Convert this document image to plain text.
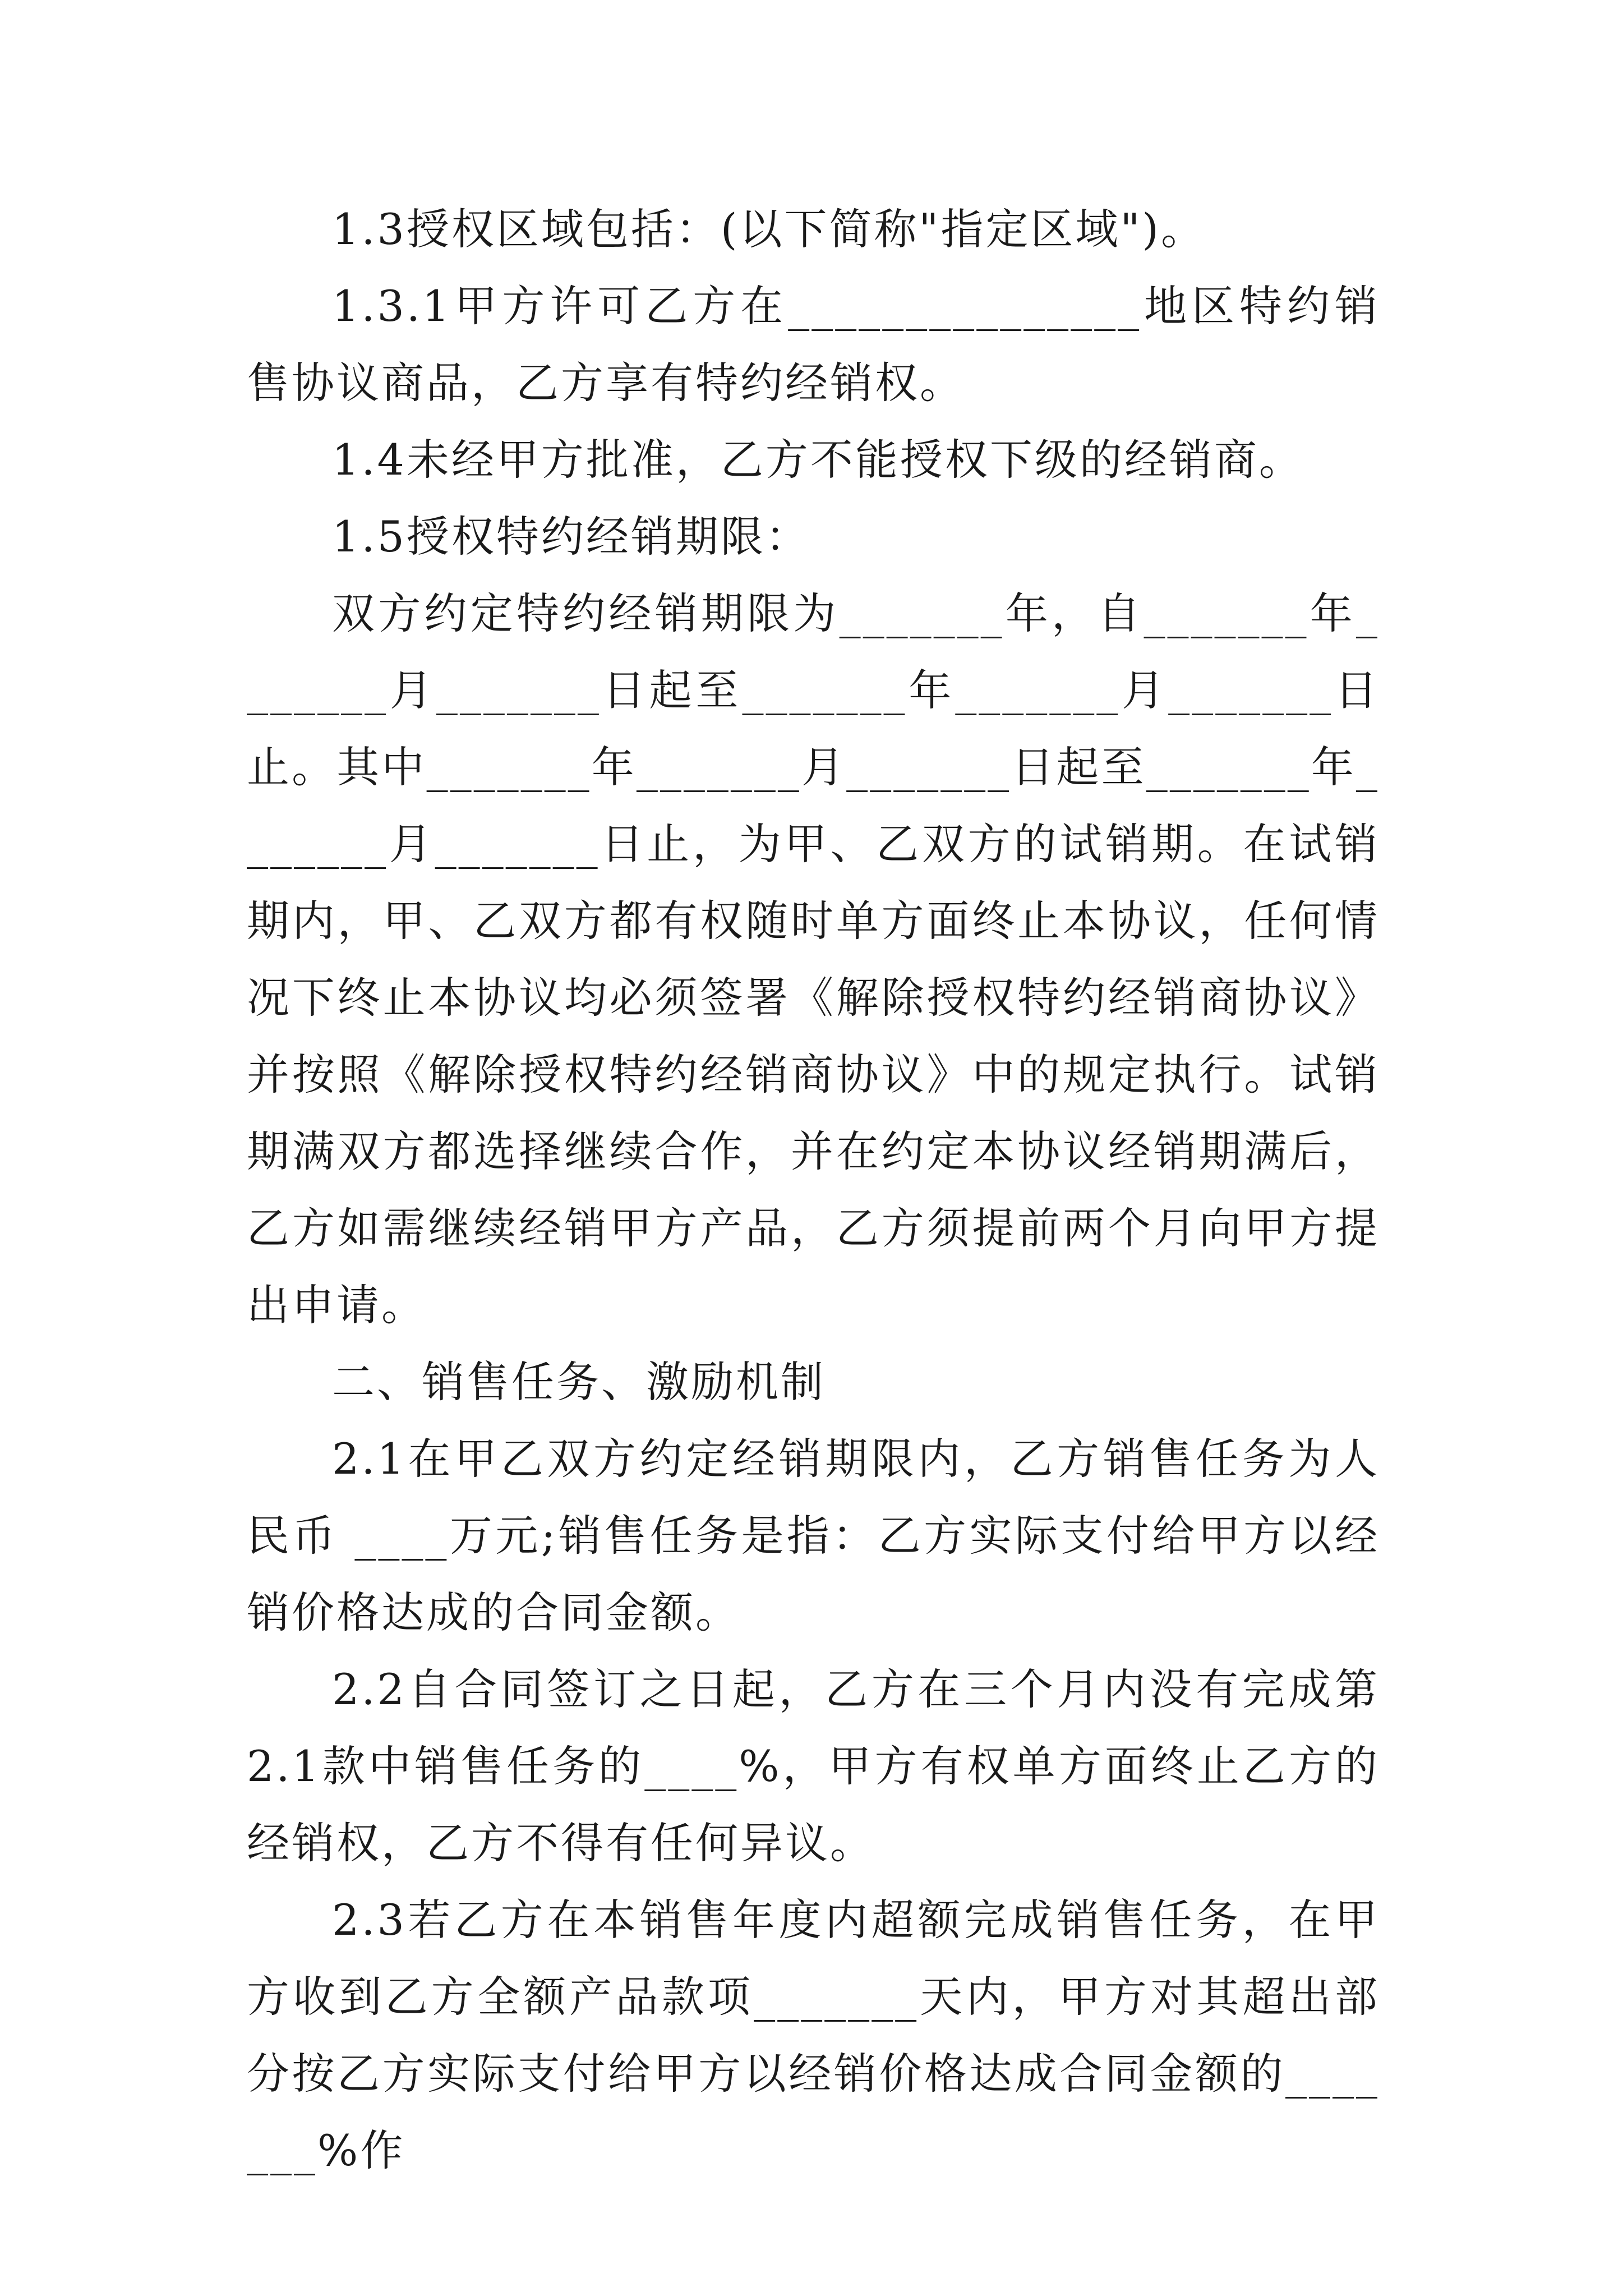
1.3授权区域包括：(以下简称"指定区域")。

1.3.1甲方许可乙方在_______________地区特约销售协议商品，乙方享有特约经销权。

1.4未经甲方批准，乙方不能授权下级的经销商。

1.5授权特约经销期限：

双方约定特约经销期限为_______年，自_______年_______月_______日起至_______年_______月_______日止。其中_______年_______月_______日起至_______年_______月_______日止，为甲、乙双方的试销期。在试销期内，甲、乙双方都有权随时单方面终止本协议，任何情况下终止本协议均必须签署《解除授权特约经销商协议》并按照《解除授权特约经销商协议》中的规定执行。试销期满双方都选择继续合作，并在约定本协议经销期满后，乙方如需继续经销甲方产品，乙方须提前两个月向甲方提出申请。

二、销售任务、激励机制

2.1在甲乙双方约定经销期限内，乙方销售任务为人民币 ____万元;销售任务是指：乙方实际支付给甲方以经销价格达成的合同金额。

2.2自合同签订之日起，乙方在三个月内没有完成第2.1款中销售任务的____%，甲方有权单方面终止乙方的经销权，乙方不得有任何异议。

2.3若乙方在本销售年度内超额完成销售任务，在甲方收到乙方全额产品款项_______天内，甲方对其超出部分按乙方实际支付给甲方以经销价格达成合同金额的_______%作
